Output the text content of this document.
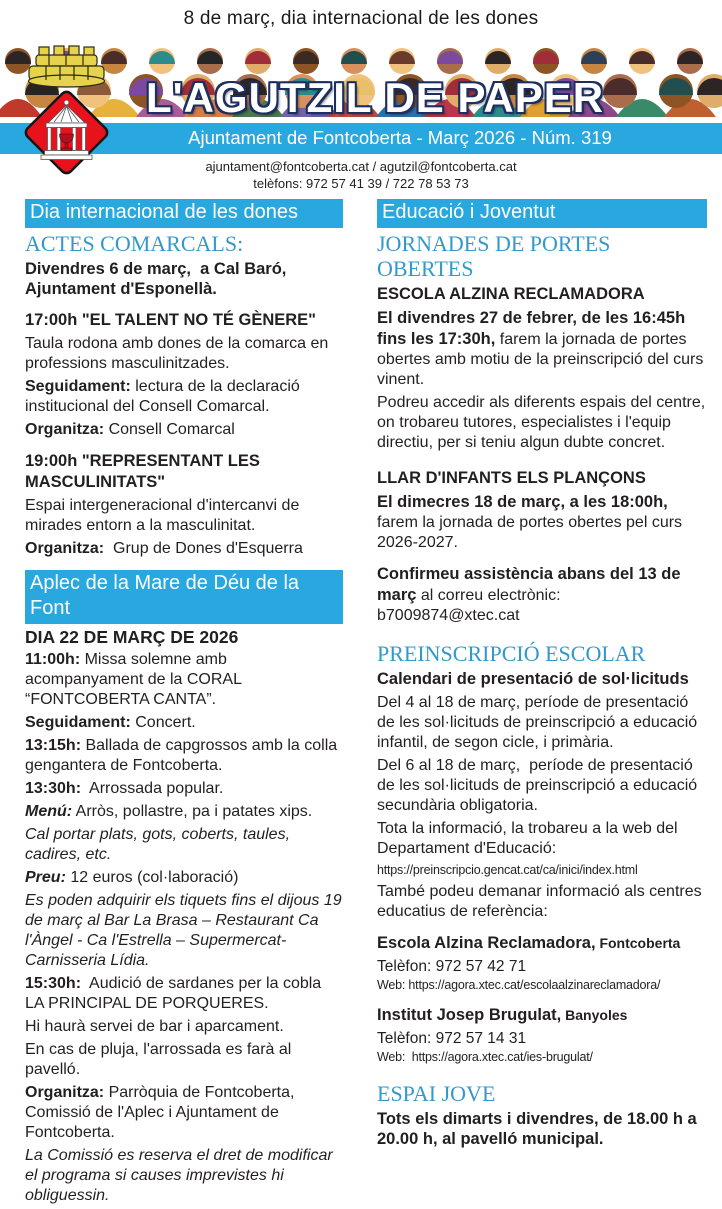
8 de març, dia internacional de les dones
L'AGUTZIL DE PAPER
Ajuntament de Fontcoberta - Març 2026 - Núm. 319
ajuntament@fontcoberta.cat / agutzil@fontcoberta.cat
telèfons: 972 57 41 39 / 722 78 53 73
Dia internacional de les dones
ACTES COMARCALS:

Divendres 6 de març,  a Cal Baró, Ajuntament d'Esponellà.

17:00h "EL TALENT NO TÉ GÈNERE"

Taula rodona amb dones de la comarca en professions masculinitzades.

Seguidament: lectura de la declaració institucional del Consell Comarcal.

Organitza: Consell Comarcal

19:00h "REPRESENTANT LES MASCULINITATS"

Espai intergeneracional d'intercanvi de mirades entorn a la masculinitat.

Organitza:  Grup de Dones d'Esquerra

Aplec de la Mare de Déu de la Font

DIA 22 DE MARÇ DE 2026

11:00h: Missa solemne amb acompanyament de la CORAL “FONTCOBERTA CANTA”.

Seguidament: Concert.

13:15h: Ballada de capgrossos amb la colla gengantera de Fontcoberta.

13:30h:  Arrossada popular.

Menú: Arròs, pollastre, pa i patates xips.

Cal portar plats, gots, coberts, taules, cadires, etc.

Preu: 12 euros (col·laboració)

Es poden adquirir els tiquets fins el dijous 19 de març al Bar La Brasa – Restaurant Ca l'Àngel - Ca l'Estrella – Supermercat-Carnisseria Lídia.

15:30h:  Audició de sardanes per la cobla LA PRINCIPAL DE PORQUERES.

Hi haurà servei de bar i aparcament.

En cas de pluja, l'arrossada es farà al pavelló.

Organitza: Parròquia de Fontcoberta,  Comissió de l'Aplec i Ajuntament de Fontcoberta.

La Comissió es reserva el dret de modificar el programa si causes imprevistes hi obliguessin.

Educació i Joventut
JORNADES DE PORTES OBERTES

ESCOLA ALZINA RECLAMADORA

El divendres 27 de febrer, de les 16:45h fins les 17:30h, farem la jornada de portes obertes amb motiu de la preinscripció del curs vinent.

Podreu accedir als diferents espais del centre, on trobareu tutores, especialistes i l'equip directiu, per si teniu algun dubte concret.

LLAR D'INFANTS ELS PLANÇONS

El dimecres 18 de març, a les 18:00h, farem la jornada de portes obertes pel curs 2026-2027.

Confirmeu assistència abans del 13 de març al correu electrònic: b7009874@xtec.cat

PREINSCRIPCIÓ ESCOLAR

Calendari de presentació de sol·licituds

Del 4 al 18 de març, període de presentació de les sol·licituds de preinscripció a educació infantil, de segon cicle, i primària.

Del 6 al 18 de març,  període de presentació de les sol·licituds de preinscripció a educació secundària obligatoria.

Tota la informació, la trobareu a la web del Departament d'Educació:

https://preinscripcio.gencat.cat/ca/inici/index.html

També podeu demanar informació als centres educatius de referència:

Escola Alzina Reclamadora, Fontcoberta

Telèfon: 972 57 42 71

Web: https://agora.xtec.cat/escolaalzinareclamadora/

Institut Josep Brugulat, Banyoles

Telèfon: 972 57 14 31

Web:  https://agora.xtec.cat/ies-brugulat/

ESPAI JOVE

Tots els dimarts i divendres, de 18.00 h a 20.00 h, al pavelló municipal.
